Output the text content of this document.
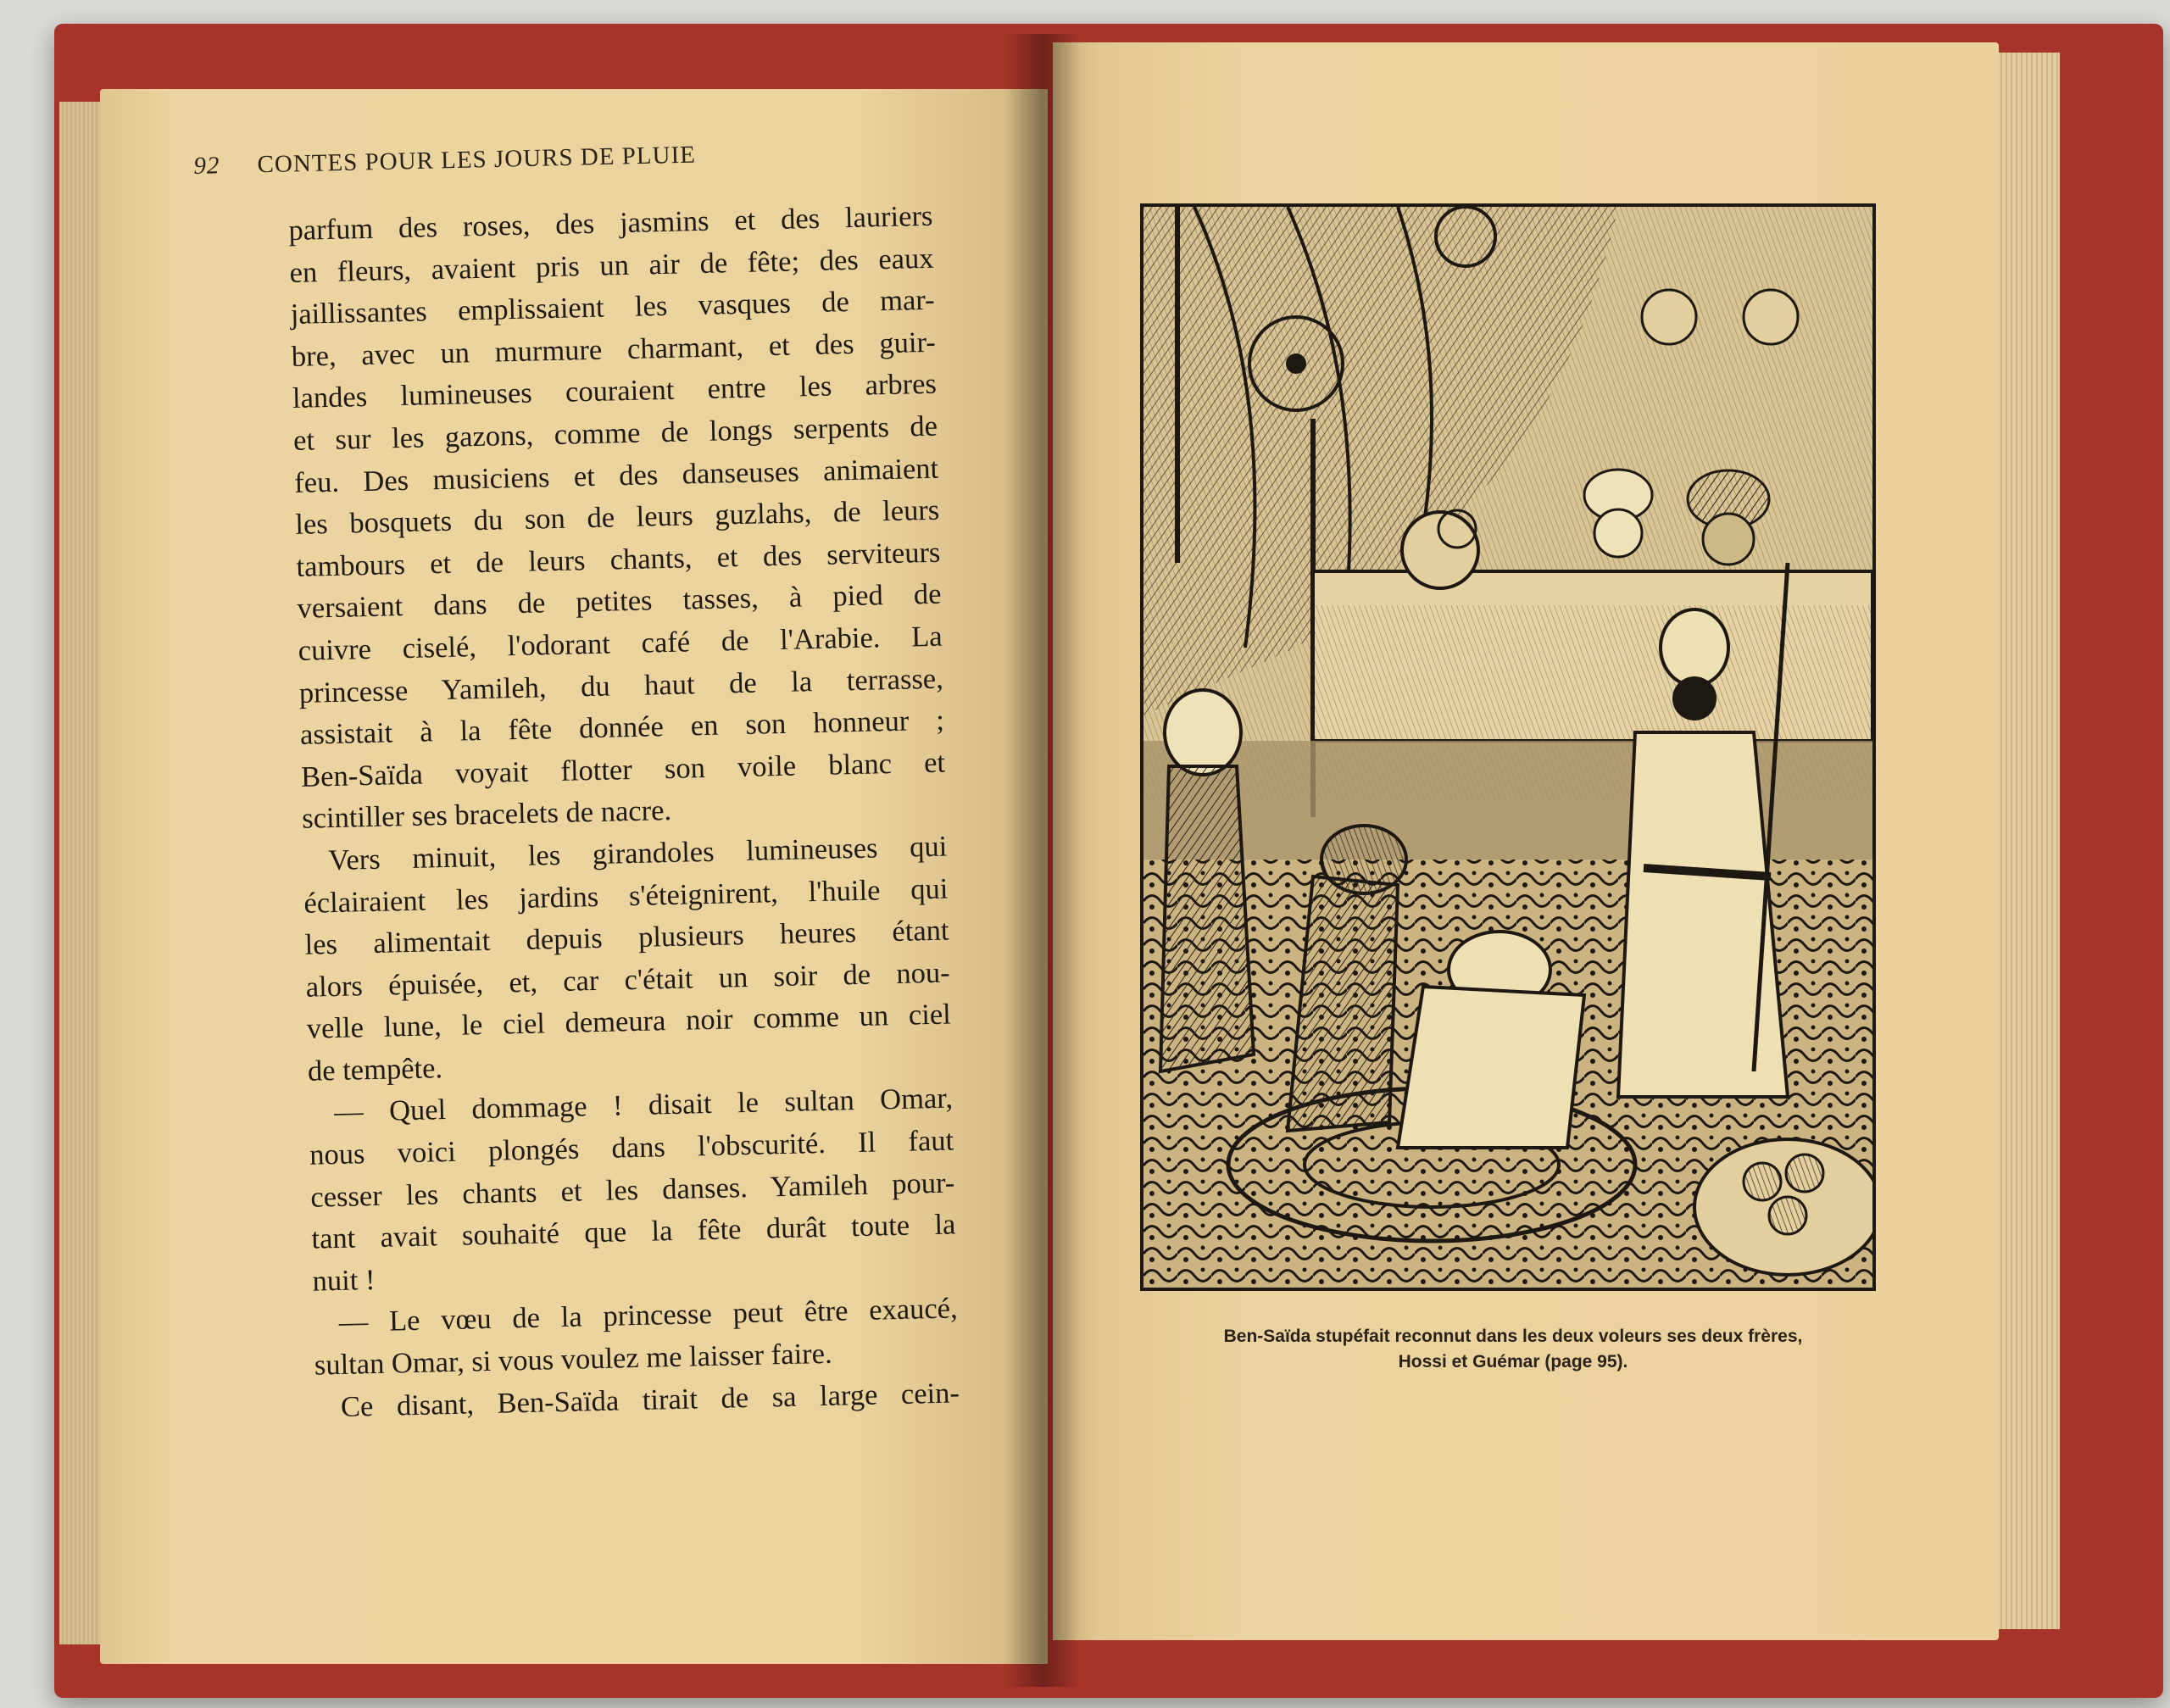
92 CONTES POUR LES JOURS DE PLUIE
parfum des roses, des jasmins et des lauriers
en fleurs, avaient pris un air de fête; des eaux
jaillissantes emplissaient les vasques de mar-
bre, avec un murmure charmant, et des guir-
landes lumineuses couraient entre les arbres
et sur les gazons, comme de longs serpents de
feu. Des musiciens et des danseuses animaient
les bosquets du son de leurs guzlahs, de leurs
tambours et de leurs chants, et des serviteurs
versaient dans de petites tasses, à pied de
cuivre ciselé, l'odorant café de l'Arabie. La
princesse Yamileh, du haut de la terrasse,
assistait à la fête donnée en son honneur ;
Ben-Saïda voyait flotter son voile blanc et
scintiller ses bracelets de nacre.
Vers minuit, les girandoles lumineuses qui
éclairaient les jardins s'éteignirent, l'huile qui
les alimentait depuis plusieurs heures étant
alors épuisée, et, car c'était un soir de nou-
velle lune, le ciel demeura noir comme un ciel
de tempête.
— Quel dommage ! disait le sultan Omar,
nous voici plongés dans l'obscurité. Il faut
cesser les chants et les danses. Yamileh pour-
tant avait souhaité que la fête durât toute la
nuit !
— Le vœu de la princesse peut être exaucé,
sultan Omar, si vous voulez me laisser faire.
Ce disant, Ben-Saïda tirait de sa large cein-
Ben-Saïda stupéfait reconnut dans les deux voleurs ses deux frères,
Hossi et Guémar (page 95).
